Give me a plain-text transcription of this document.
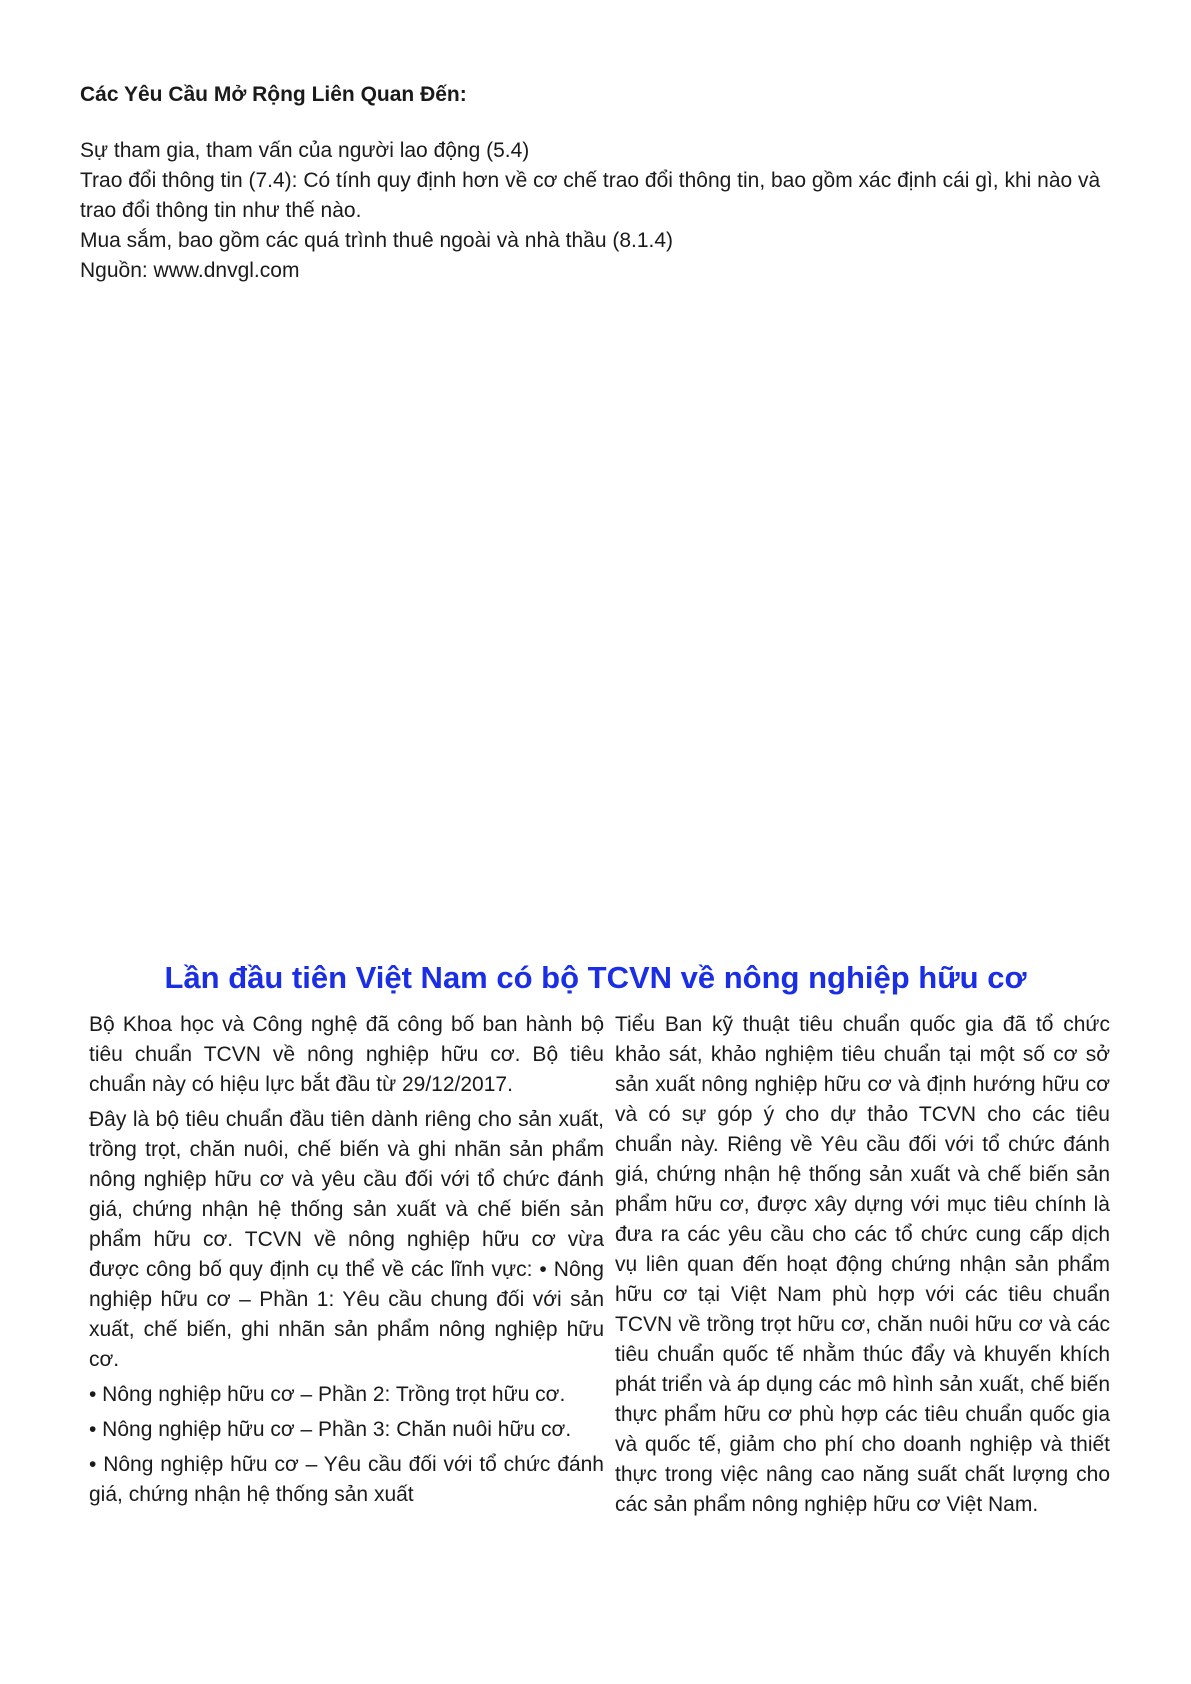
Các Yêu Cầu Mở Rộng Liên Quan Đến:

Sự tham gia, tham vấn của người lao động (5.4)

Trao đổi thông tin (7.4): Có tính quy định hơn về cơ chế trao đổi thông tin, bao gồm xác định cái gì, khi nào và trao đổi thông tin như thế nào.

Mua sắm, bao gồm các quá trình thuê ngoài và nhà thầu (8.1.4)

Nguồn: www.dnvgl.com

Lần đầu tiên Việt Nam có bộ TCVN về nông nghiệp hữu cơ

Bộ Khoa học và Công nghệ đã công bố ban hành bộ tiêu chuẩn TCVN về nông nghiệp hữu cơ. Bộ tiêu chuẩn này có hiệu lực bắt đầu từ 29/12/2017.

Đây là bộ tiêu chuẩn đầu tiên dành riêng cho sản xuất, trồng trọt, chăn nuôi, chế biến và ghi nhãn sản phẩm nông nghiệp hữu cơ và yêu cầu đối với tổ chức đánh giá, chứng nhận hệ thống sản xuất và chế biến sản phẩm hữu cơ. TCVN về nông nghiệp hữu cơ vừa được công bố quy định cụ thể về các lĩnh vực: • Nông nghiệp hữu cơ – Phần 1: Yêu cầu chung đối với sản xuất, chế biến, ghi nhãn sản phẩm nông nghiệp hữu cơ.

• Nông nghiệp hữu cơ – Phần 2: Trồng trọt hữu cơ.

• Nông nghiệp hữu cơ – Phần 3: Chăn nuôi hữu cơ.

• Nông nghiệp hữu cơ – Yêu cầu đối với tổ chức đánh giá, chứng nhận hệ thống sản xuất

Tiểu Ban kỹ thuật tiêu chuẩn quốc gia đã tổ chức khảo sát, khảo nghiệm tiêu chuẩn tại một số cơ sở sản xuất nông nghiệp hữu cơ và định hướng hữu cơ và có sự góp ý cho dự thảo TCVN cho các tiêu chuẩn này. Riêng về Yêu cầu đối với tổ chức đánh giá, chứng nhận hệ thống sản xuất và chế biến sản phẩm hữu cơ, được xây dựng với mục tiêu chính là đưa ra các yêu cầu cho các tổ chức cung cấp dịch vụ liên quan đến hoạt động chứng nhận sản phẩm hữu cơ tại Việt Nam phù hợp với các tiêu chuẩn TCVN về trồng trọt hữu cơ, chăn nuôi hữu cơ và các tiêu chuẩn quốc tế nhằm thúc đẩy và khuyến khích phát triển và áp dụng các mô hình sản xuất, chế biến thực phẩm hữu cơ phù hợp các tiêu chuẩn quốc gia và quốc tế, giảm cho phí cho doanh nghiệp và thiết thực trong việc nâng cao năng suất chất lượng cho các sản phẩm nông nghiệp hữu cơ Việt Nam.
